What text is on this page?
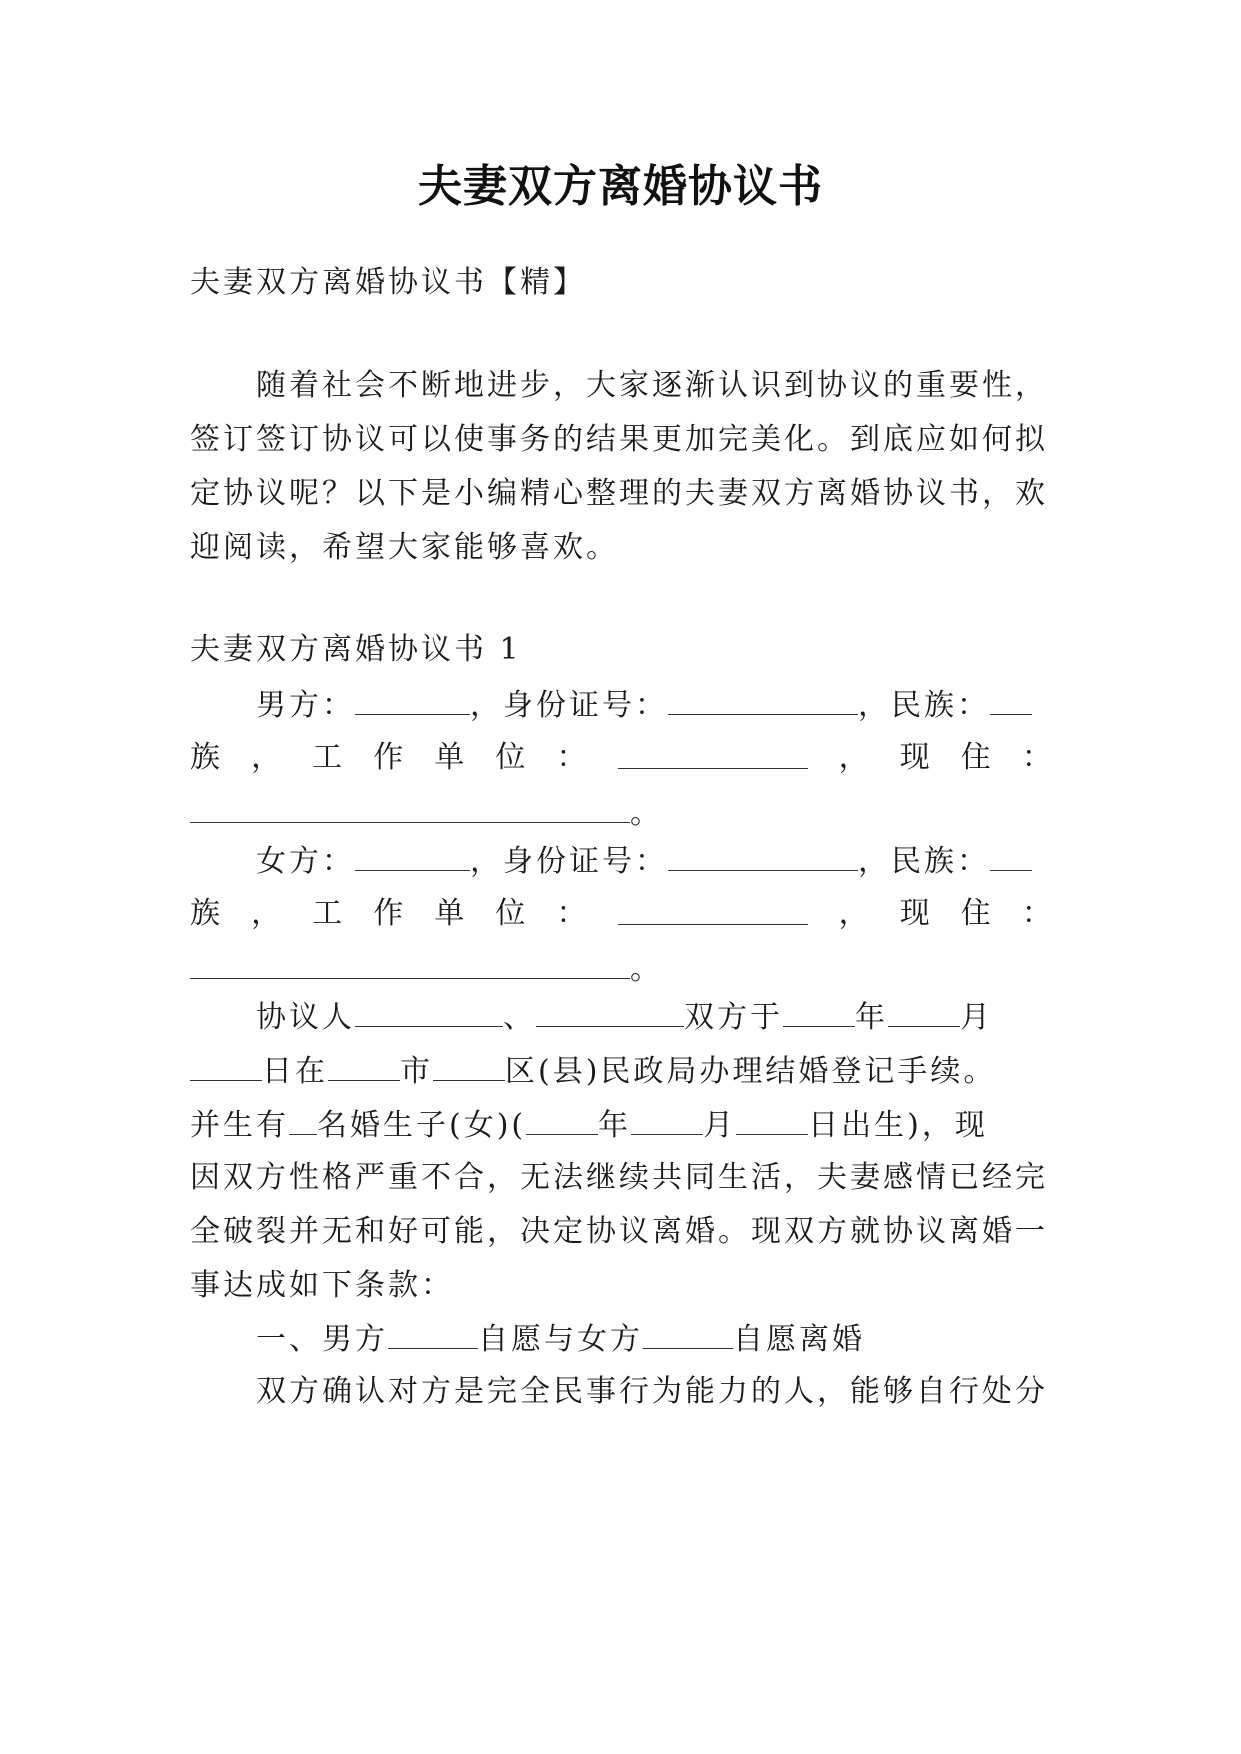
夫妻双方离婚协议书
夫妻双方离婚协议书【精】
随着社会不断地进步，大家逐渐认识到协议的重要性，
签订签订协议可以使事务的结果更加完美化。到底应如何拟
定协议呢？以下是小编精心整理的夫妻双方离婚协议书，欢
迎阅读，希望大家能够喜欢。
夫妻双方离婚协议书 1
男方：	，身份证号：	，民族：
族 ， 工 作 单 位 ：	， 现 住 ：
。
女方：	，身份证号：	，民族：
族 ， 工 作 单 位 ：	， 现 住 ：
。
协议人	、	双方于 年 月
日在 市 区(县)民政局办理结婚登记手续。
并生有 名婚生子(女)( 年 月 日出生)，现
因双方性格严重不合，无法继续共同生活，夫妻感情已经完
全破裂并无和好可能，决定协议离婚。现双方就协议离婚一
事达成如下条款：
一、男方	自愿与女方	自愿离婚
双方确认对方是完全民事行为能力的人，能够自行处分
